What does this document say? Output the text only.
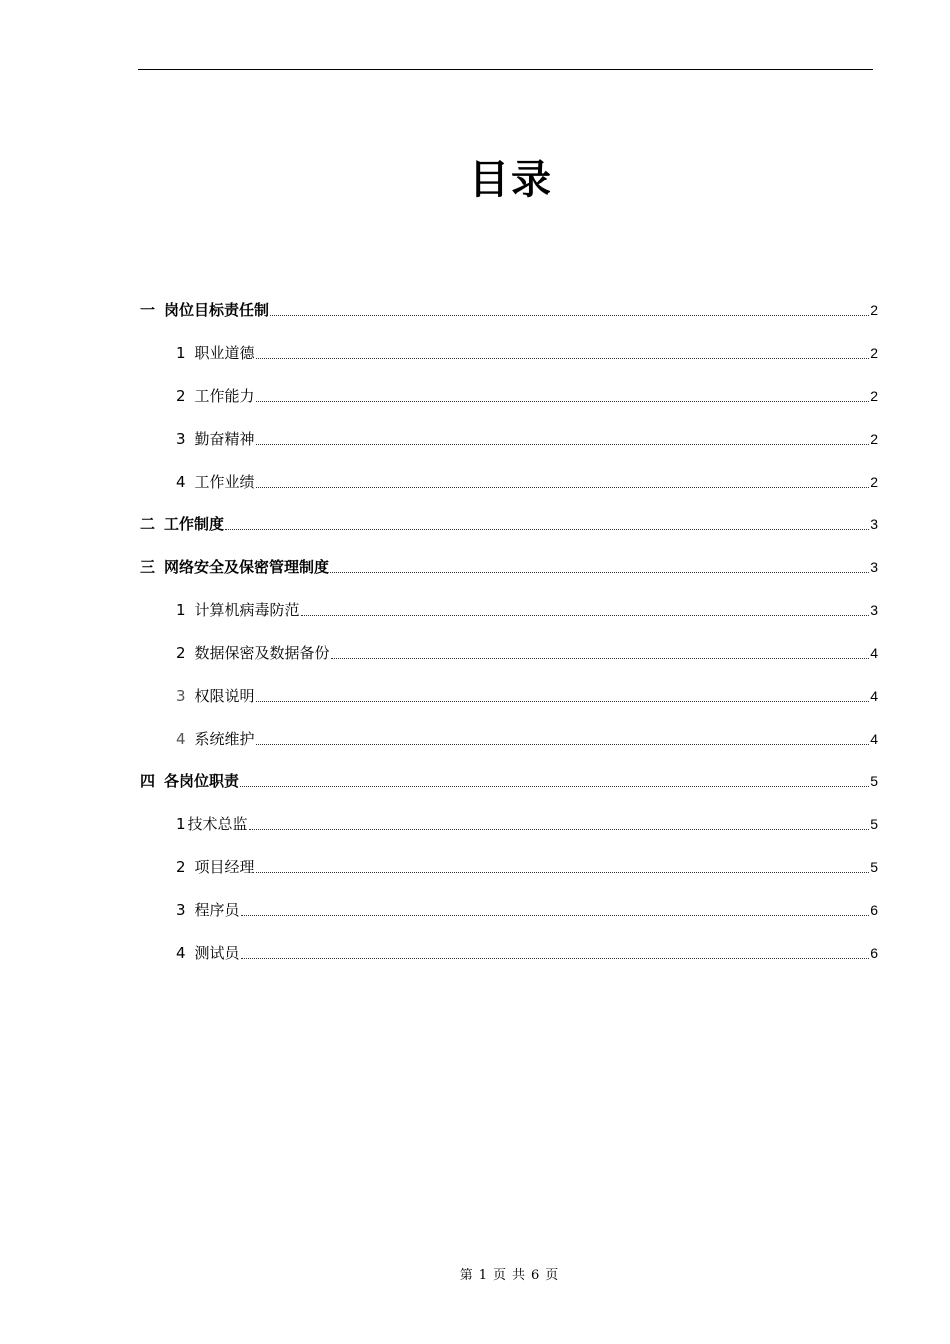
目录
一 岗位目标责任制	2
1 职业道德	2
2 工作能力	2
3 勤奋精神	2
4 工作业绩	2
二 工作制度	3
三 网络安全及保密管理制度	3
1 计算机病毒防范	3
2 数据保密及数据备份	4
3 权限说明	4
4 系统维护	4
四 各岗位职责	5
1 技术总监	5
2 项目经理	5
3 程序员	6
4 测试员	6
第 1 页 共 6 页
